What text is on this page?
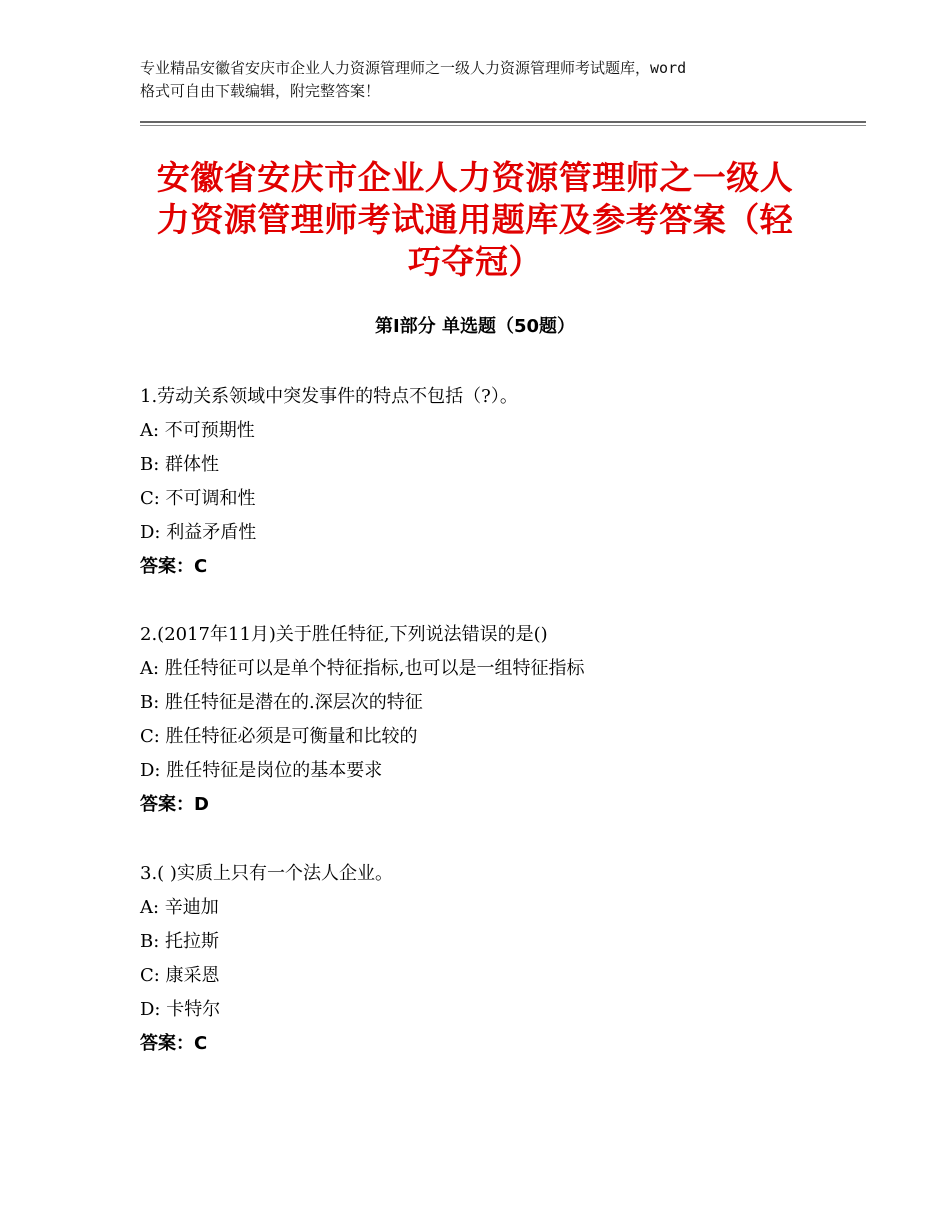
专业精品安徽省安庆市企业人力资源管理师之一级人力资源管理师考试题库，word
格式可自由下载编辑，附完整答案！
安徽省安庆市企业人力资源管理师之一级人
力资源管理师考试通用题库及参考答案（轻
巧夺冠）
第Ⅰ部分 单选题（50题）
1.劳动关系领域中突发事件的特点不包括（?）。
A: 不可预期性
B: 群体性
C: 不可调和性
D: 利益矛盾性
答案：C
2.(2017年11月)关于胜任特征,下列说法错误的是()
A: 胜任特征可以是单个特征指标,也可以是一组特征指标
B: 胜任特征是潜在的.深层次的特征
C: 胜任特征必须是可衡量和比较的
D: 胜任特征是岗位的基本要求
答案：D
3.( )实质上只有一个法人企业。
A: 辛迪加
B: 托拉斯
C: 康采恩
D: 卡特尔
答案：C
